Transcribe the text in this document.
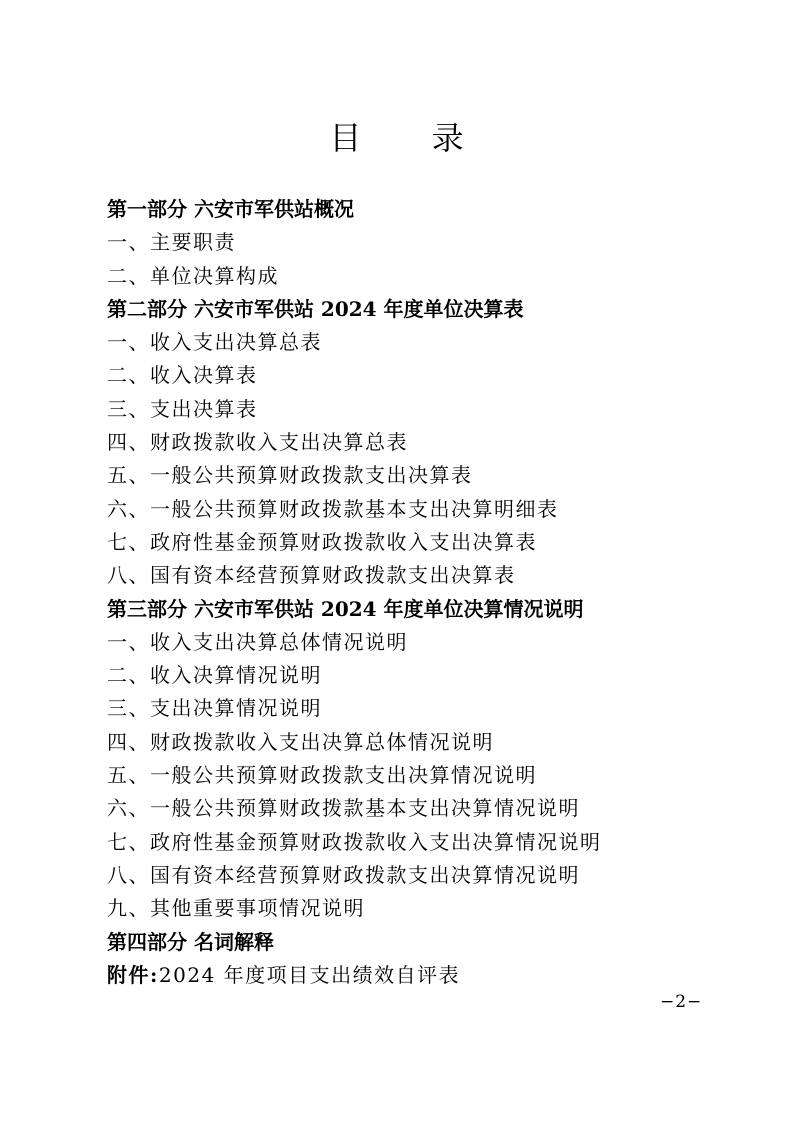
目 录
第一部分 六安市军供站概况
一、主要职责
二、单位决算构成
第二部分 六安市军供站 2024 年度单位决算表
一、收入支出决算总表
二、收入决算表
三、支出决算表
四、财政拨款收入支出决算总表
五、一般公共预算财政拨款支出决算表
六、一般公共预算财政拨款基本支出决算明细表
七、政府性基金预算财政拨款收入支出决算表
八、国有资本经营预算财政拨款支出决算表
第三部分 六安市军供站 2024 年度单位决算情况说明
一、收入支出决算总体情况说明
二、收入决算情况说明
三、支出决算情况说明
四、财政拨款收入支出决算总体情况说明
五、一般公共预算财政拨款支出决算情况说明
六、一般公共预算财政拨款基本支出决算情况说明
七、政府性基金预算财政拨款收入支出决算情况说明
八、国有资本经营预算财政拨款支出决算情况说明
九、其他重要事项情况说明
第四部分 名词解释
附件:2024 年度项目支出绩效自评表
−2−
